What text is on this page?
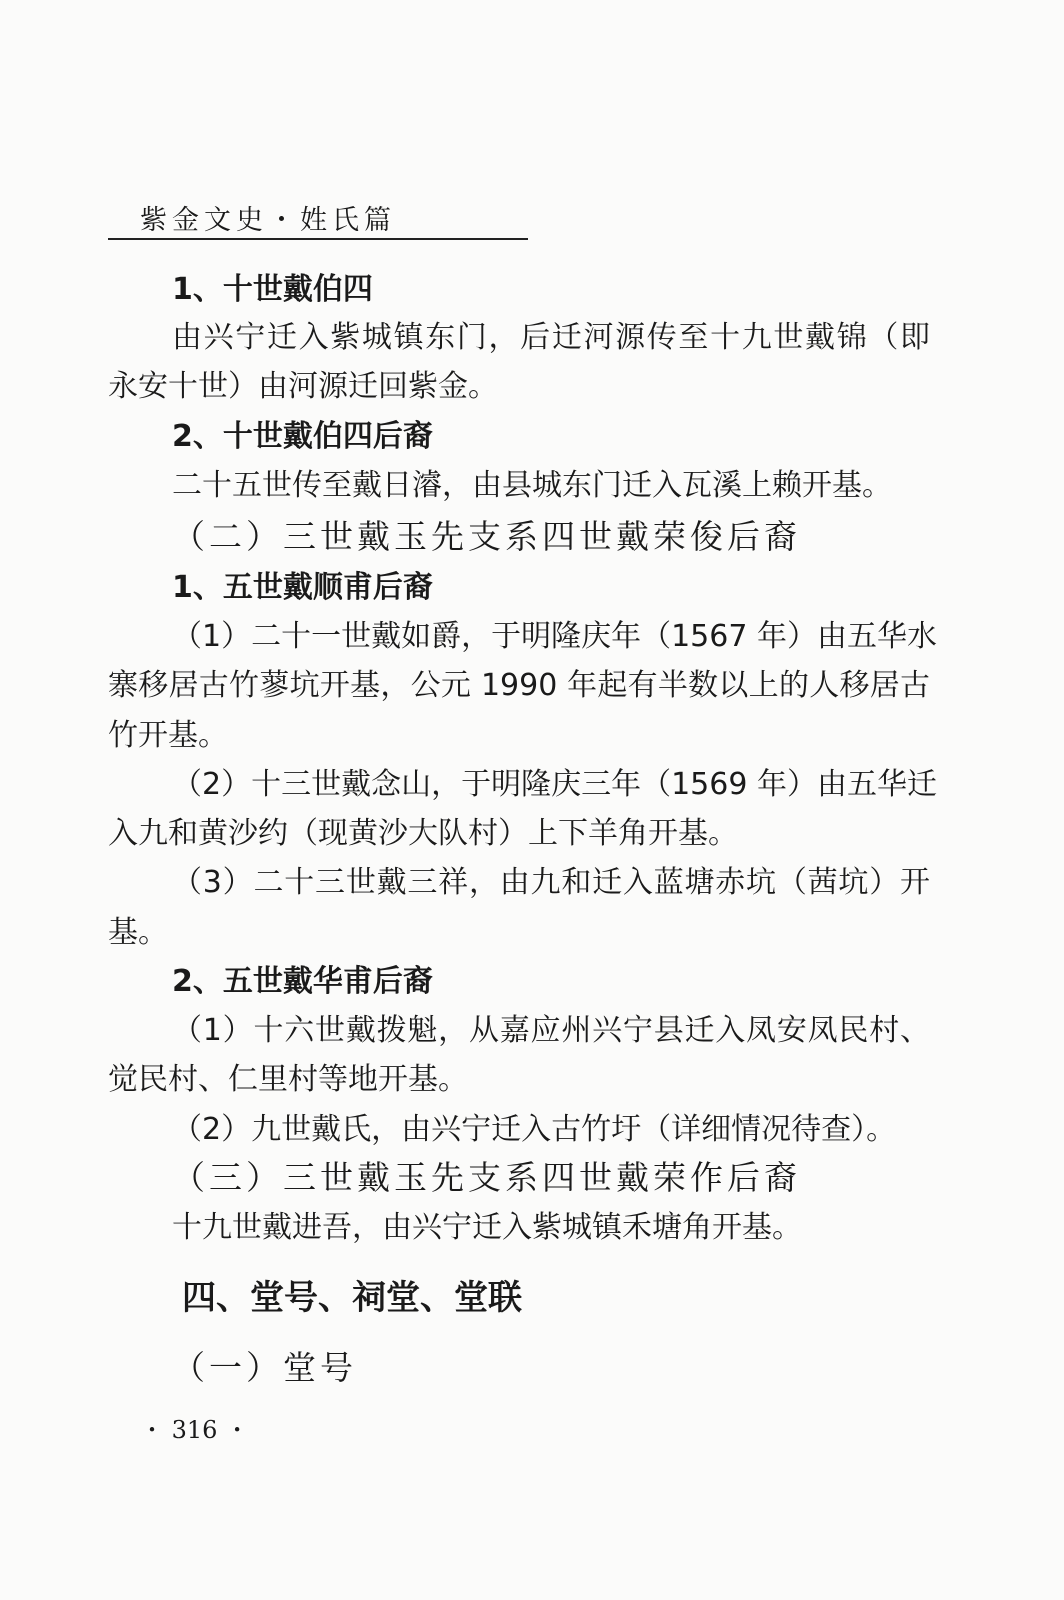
紫金文史・姓氏篇
1、十世戴伯四
由兴宁迁入紫城镇东门，后迁河源传至十九世戴锦（即
永安十世）由河源迁回紫金。
2、十世戴伯四后裔
二十五世传至戴日濬，由县城东门迁入瓦溪上赖开基。
（二）三世戴玉先支系四世戴荣俊后裔
1、五世戴顺甫后裔
（1）二十一世戴如爵，于明隆庆年（1567 年）由五华水
寨移居古竹蓼坑开基，公元 1990 年起有半数以上的人移居古
竹开基。
（2）十三世戴念山，于明隆庆三年（1569 年）由五华迁
入九和黄沙约（现黄沙大队村）上下羊角开基。
（3）二十三世戴三祥，由九和迁入蓝塘赤坑（茜坑）开
基。
2、五世戴华甫后裔
（1）十六世戴拨魁，从嘉应州兴宁县迁入凤安凤民村、
觉民村、仁里村等地开基。
（2）九世戴氏，由兴宁迁入古竹圩（详细情况待查）。
（三）三世戴玉先支系四世戴荣作后裔
十九世戴进吾，由兴宁迁入紫城镇禾塘角开基。
四、堂号、祠堂、堂联
（一）堂号
・ 316 ・
